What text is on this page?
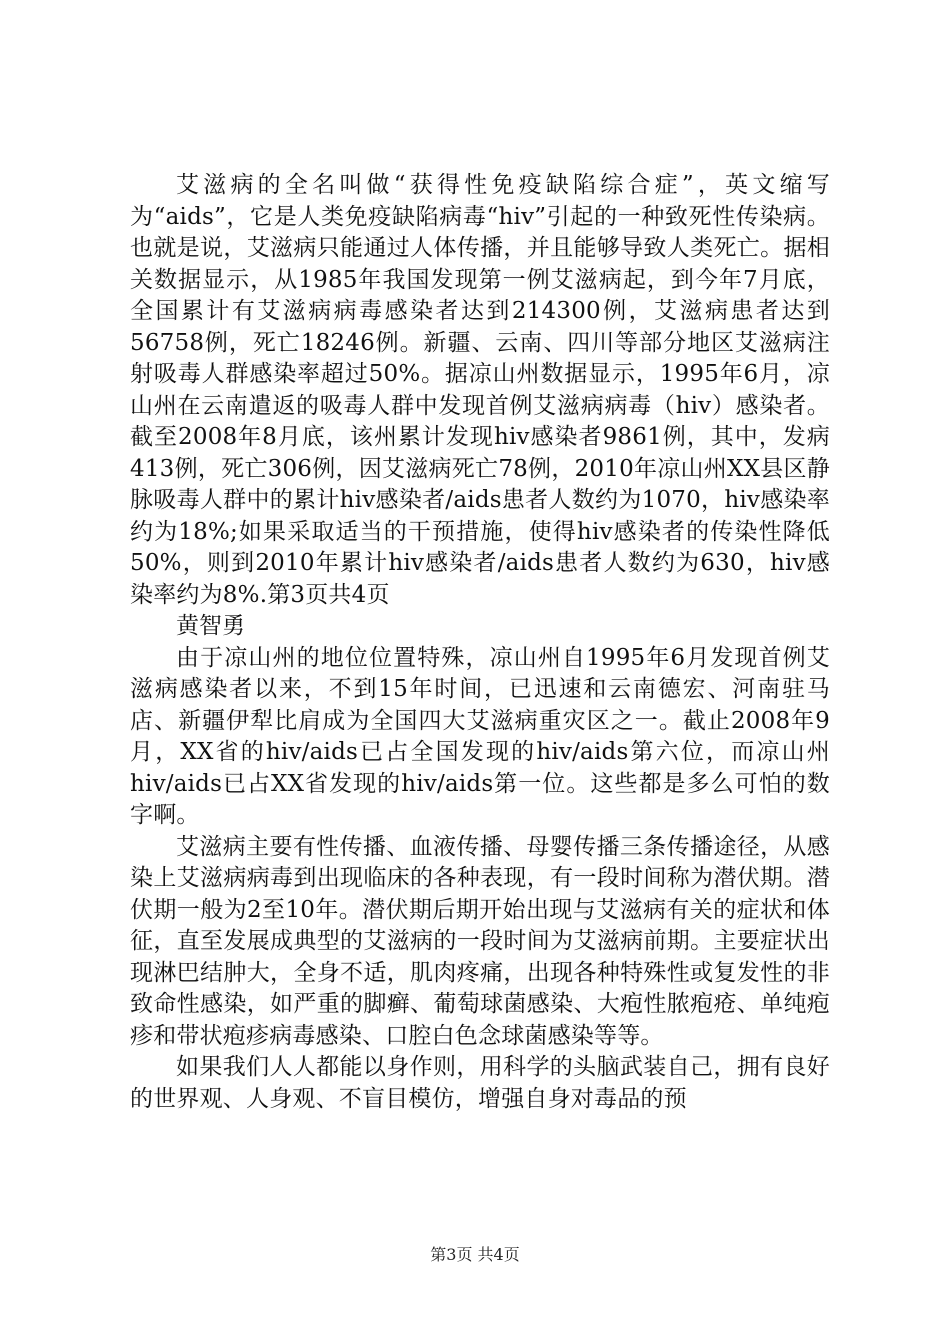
艾滋病的全名叫做“获得性免疫缺陷综合症”，英文缩写为“aids”，它是人类免疫缺陷病毒“hiv”引起的一种致死性传染病。也就是说，艾滋病只能通过人体传播，并且能够导致人类死亡。据相关数据显示，从1985年我国发现第一例艾滋病起，到今年7月底，全国累计有艾滋病病毒感染者达到214300例，艾滋病患者达到56758例，死亡18246例。新疆、云南、四川等部分地区艾滋病注射吸毒人群感染率超过50%。据凉山州数据显示，1995年6月，凉山州在云南遣返的吸毒人群中发现首例艾滋病病毒（hiv）感染者。截至2008年8月底，该州累计发现hiv感染者9861例，其中，发病413例，死亡306例，因艾滋病死亡78例，2010年凉山州XX县区静脉吸毒人群中的累计hiv感染者/aids患者人数约为1070，hiv感染率约为18%;如果采取适当的干预措施，使得hiv感染者的传染性降低50%，则到2010年累计hiv感染者/aids患者人数约为630，hiv感染率约为8%.第3页共4页

黄智勇

由于凉山州的地位位置特殊，凉山州自1995年6月发现首例艾滋病感染者以来，不到15年时间，已迅速和云南德宏、河南驻马店、新疆伊犁比肩成为全国四大艾滋病重灾区之一。截止2008年9月，XX省的hiv/aids已占全国发现的hiv/aids第六位，而凉山州hiv/aids已占XX省发现的hiv/aids第一位。这些都是多么可怕的数字啊。

艾滋病主要有性传播、血液传播、母婴传播三条传播途径，从感染上艾滋病病毒到出现临床的各种表现，有一段时间称为潜伏期。潜伏期一般为2至10年。潜伏期后期开始出现与艾滋病有关的症状和体征，直至发展成典型的艾滋病的一段时间为艾滋病前期。主要症状出现淋巴结肿大，全身不适，肌肉疼痛，出现各种特殊性或复发性的非致命性感染，如严重的脚癣、葡萄球菌感染、大疱性脓疱疮、单纯疱疹和带状疱疹病毒感染、口腔白色念球菌感染等等。

如果我们人人都能以身作则，用科学的头脑武装自己，拥有良好的世界观、人身观、不盲目模仿，增强自身对毒品的预

第3页 共4页
